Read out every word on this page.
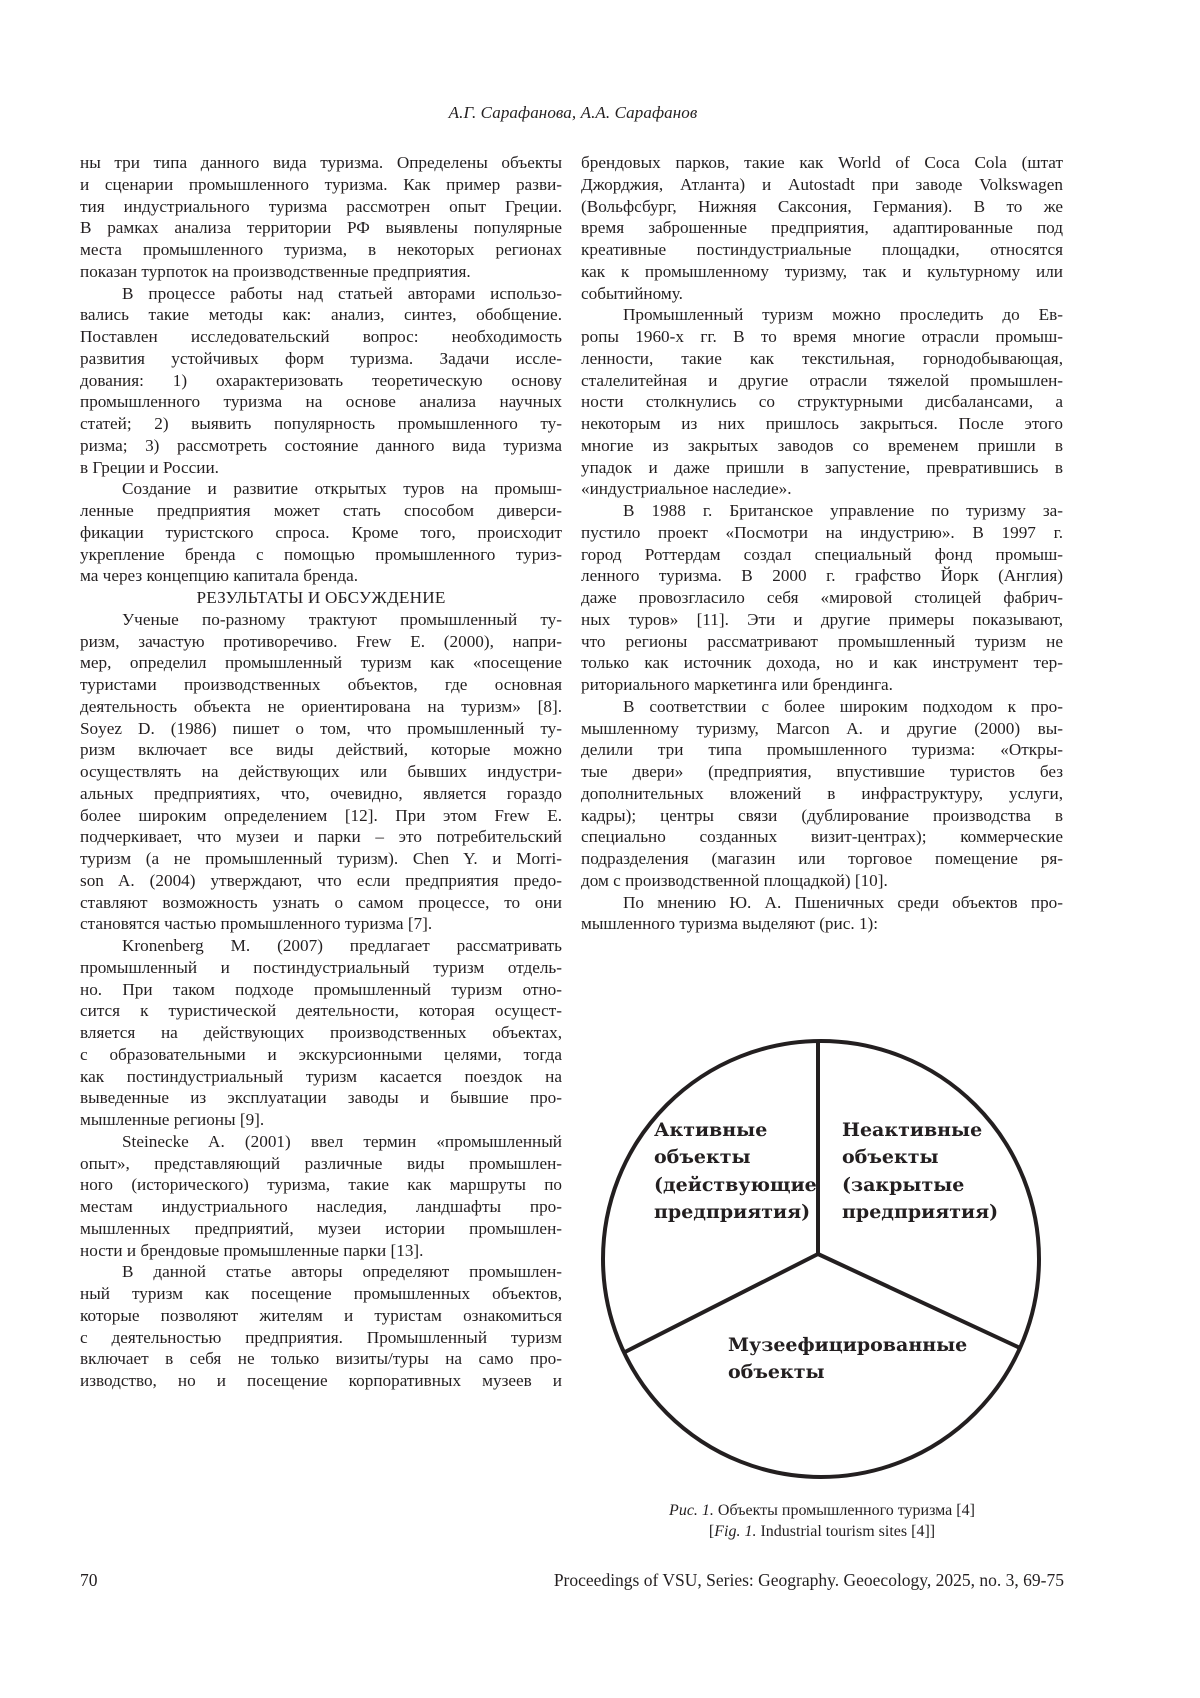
А.Г. Сарафанова, А.А. Сарафанов
ны три типа данного вида туризма. Определены объекты
и сценарии промышленного туризма. Как пример разви-
тия индустриального туризма рассмотрен опыт Греции.
В рамках анализа территории РФ выявлены популярные
места промышленного туризма, в некоторых регионах
показан турпоток на производственные предприятия.
В процессе работы над статьей авторами использо-
вались такие методы как: анализ, синтез, обобщение.
Поставлен исследовательский вопрос: необходимость
развития устойчивых форм туризма. Задачи иссле-
дования: 1) охарактеризовать теоретическую основу
промышленного туризма на основе анализа научных
статей; 2) выявить популярность промышленного ту-
ризма; 3) рассмотреть состояние данного вида туризма
в Греции и России.
Создание и развитие открытых туров на промыш-
ленные предприятия может стать способом диверси-
фикации туристского спроса. Кроме того, происходит
укрепление бренда с помощью промышленного туриз-
ма через концепцию капитала бренда.
РЕЗУЛЬТАТЫ И ОБСУЖДЕНИЕ
Ученые по-разному трактуют промышленный ту-
ризм, зачастую противоречиво. Frew E. (2000), напри-
мер, определил промышленный туризм как «посещение
туристами производственных объектов, где основная
деятельность объекта не ориентирована на туризм» [8].
Soyez D. (1986) пишет о том, что промышленный ту-
ризм включает все виды действий, которые можно
осуществлять на действующих или бывших индустри-
альных предприятиях, что, очевидно, является гораздо
более широким определением [12]. При этом Frew E.
подчеркивает, что музеи и парки – это потребительский
туризм (а не промышленный туризм). Chen Y. и Morri-
son A. (2004) утверждают, что если предприятия предо-
ставляют возможность узнать о самом процессе, то они
становятся частью промышленного туризма [7].
Kronenberg M. (2007) предлагает рассматривать
промышленный и постиндустриальный туризм отдель-
но. При таком подходе промышленный туризм отно-
сится к туристической деятельности, которая осущест-
вляется на действующих производственных объектах,
с образовательными и экскурсионными целями, тогда
как постиндустриальный туризм касается поездок на
выведенные из эксплуатации заводы и бывшие про-
мышленные регионы [9].
Steinecke A. (2001) ввел термин «промышленный
опыт», представляющий различные виды промышлен-
ного (исторического) туризма, такие как маршруты по
местам индустриального наследия, ландшафты про-
мышленных предприятий, музеи истории промышлен-
ности и брендовые промышленные парки [13].
В данной статье авторы определяют промышлен-
ный туризм как посещение промышленных объектов,
которые позволяют жителям и туристам ознакомиться
с деятельностью предприятия. Промышленный туризм
включает в себя не только визиты/туры на само про-
изводство, но и посещение корпоративных музеев и
брендовых парков, такие как World of Coca Cola (штат
Джорджия, Атланта) и Autostadt при заводе Volkswagen
(Вольфсбург, Нижняя Саксония, Германия). В то же
время заброшенные предприятия, адаптированные под
креативные постиндустриальные площадки, относятся
как к промышленному туризму, так и культурному или
событийному.
Промышленный туризм можно проследить до Ев-
ропы 1960-х гг. В то время многие отрасли промыш-
ленности, такие как текстильная, горнодобывающая,
сталелитейная и другие отрасли тяжелой промышлен-
ности столкнулись со структурными дисбалансами, а
некоторым из них пришлось закрыться. После этого
многие из закрытых заводов со временем пришли в
упадок и даже пришли в запустение, превратившись в
«индустриальное наследие».
В 1988 г. Британское управление по туризму за-
пустило проект «Посмотри на индустрию». В 1997 г.
город Роттердам создал специальный фонд промыш-
ленного туризма. В 2000 г. графство Йорк (Англия)
даже провозгласило себя «мировой столицей фабрич-
ных туров» [11]. Эти и другие примеры показывают,
что регионы рассматривают промышленный туризм не
только как источник дохода, но и как инструмент тер-
риториального маркетинга или брендинга.
В соответствии с более широким подходом к про-
мышленному туризму, Marcon A. и другие (2000) вы-
делили три типа промышленного туризма: «Откры-
тые двери» (предприятия, впустившие туристов без
дополнительных вложений в инфраструктуру, услуги,
кадры); центры связи (дублирование производства в
специально созданных визит-центрах); коммерческие
подразделения (магазин или торговое помещение ря-
дом с производственной площадкой) [10].
По мнению Ю. А. Пшеничных среди объектов про-
мышленного туризма выделяют (рис. 1):
Активные
объекты
(действующие
предприятия)
Неактивные
объекты
(закрытые
предприятия)
Музеефицированные
объекты
Рис. 1. Объекты промышленного туризма [4]
[Fig. 1. Industrial tourism sites [4]]
70	Proceedings of VSU, Series: Geography. Geoecology, 2025, no. 3, 69-75
